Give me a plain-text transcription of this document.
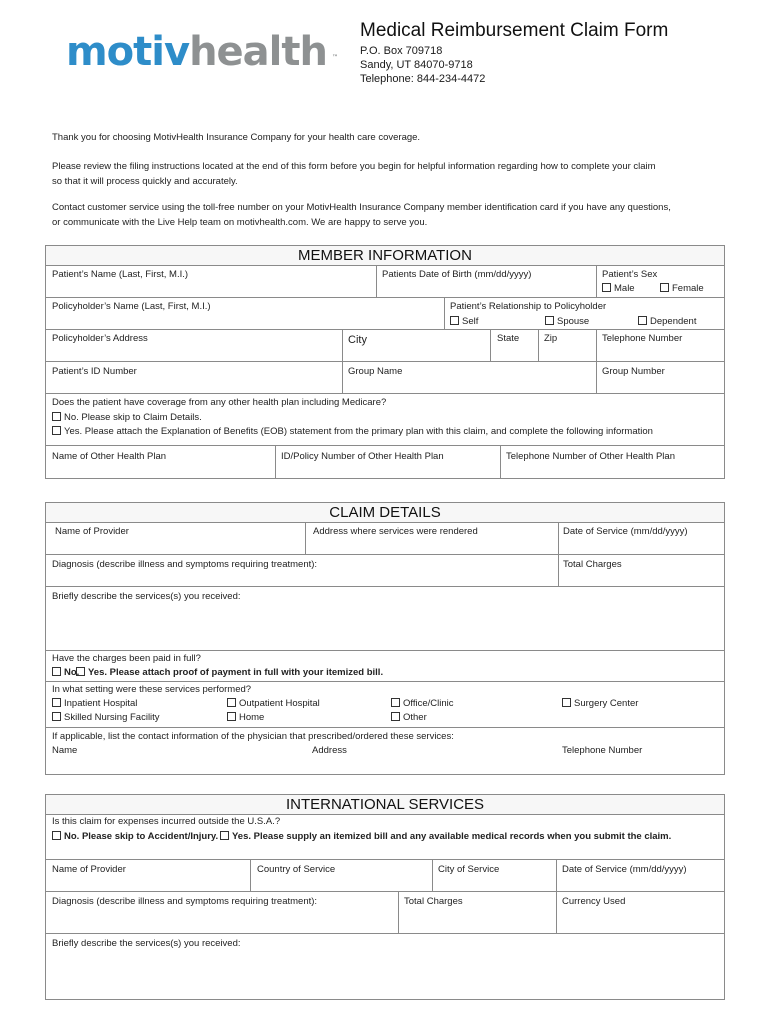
motivhealth ™
Medical Reimbursement Claim Form
P.O. Box 709718
Sandy, UT 84070-9718
Telephone: 844-234-4472
Thank you for choosing MotivHealth Insurance Company for your health care coverage.
Please review the filing instructions located at the end of this form before you begin for helpful information regarding how to complete your claim
so that it will process quickly and accurately.
Contact customer service using the toll-free number on your MotivHealth Insurance Company member identification card if you have any questions,
or communicate with the Live Help team on motivhealth.com. We are happy to serve you.
MEMBER INFORMATION
Patient’s Name (Last, First, M.I.)	Patients Date of Birth (mm/dd/yyyy)	Patient’s Sex
Male	Female
Policyholder’s Name (Last, First, M.I.)	Patient’s Relationship to Policyholder
Self	Spouse	Dependent
Policyholder’s Address	City	State	Zip	Telephone Number
Patient’s ID Number	Group Name	Group Number
Does the patient have coverage from any other health plan including Medicare?
No. Please skip to Claim Details.
Yes. Please attach the Explanation of Benefits (EOB) statement from the primary plan with this claim, and complete the following information
Name of Other Health Plan	ID/Policy Number of Other Health Plan	Telephone Number of Other Health Plan
CLAIM DETAILS
Name of Provider	Address where services were rendered	Date of Service (mm/dd/yyyy)
Diagnosis (describe illness and symptoms requiring treatment):	Total Charges
Briefly describe the services(s) you received:
Have the charges been paid in full?
No. Yes. Please attach proof of payment in full with your itemized bill.
In what setting were these services performed?
Inpatient Hospital	Outpatient Hospital	Office/Clinic	Surgery Center
Skilled Nursing Facility	Home	Other
If applicable, list the contact information of the physician that prescribed/ordered these services:
Name	Address	Telephone Number
INTERNATIONAL SERVICES
Is this claim for expenses incurred outside the U.S.A.?
No. Please skip to Accident/Injury.	Yes. Please supply an itemized bill and any available medical records when you submit the claim.
Name of Provider	Country of Service	City of Service	Date of Service (mm/dd/yyyy)
Diagnosis (describe illness and symptoms requiring treatment):	Total Charges	Currency Used
Briefly describe the services(s) you received:
